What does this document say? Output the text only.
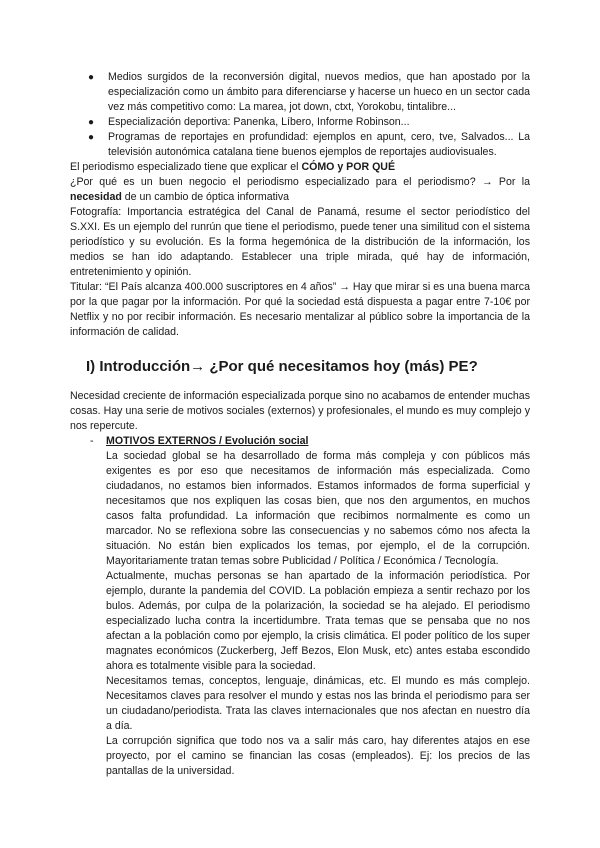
● Medios surgidos de la reconversión digital, nuevos medios, que han apostado por la especialización como un ámbito para diferenciarse y hacerse un hueco en un sector cada vez más competitivo como: La marea, jot down, ctxt, Yorokobu, tintalibre...
● Especialización deportiva: Panenka, Líbero, Informe Robinson...
● Programas de reportajes en profundidad: ejemplos en apunt, cero, tve, Salvados... La televisión autonómica catalana tiene buenos ejemplos de reportajes audiovisuales.

El periodismo especializado tiene que explicar el CÓMO y POR QUÉ

¿Por qué es un buen negocio el periodismo especializado para el periodismo? → Por la necesidad de un cambio de óptica informativa

Fotografía: Importancia estratégica del Canal de Panamá, resume el sector periodístico del S.XXI. Es un ejemplo del runrún que tiene el periodismo, puede tener una similitud con el sistema periodístico y su evolución. Es la forma hegemónica de la distribución de la información, los medios se han ido adaptando. Establecer una triple mirada, qué hay de información, entretenimiento y opinión.

Titular: “El País alcanza 400.000 suscriptores en 4 años” → Hay que mirar si es una buena marca por la que pagar por la información. Por qué la sociedad está dispuesta a pagar entre 7-10€ por Netflix y no por recibir información. Es necesario mentalizar al público sobre la importancia de la información de calidad.

I) Introducción→ ¿Por qué necesitamos hoy (más) PE?

Necesidad creciente de información especializada porque sino no acabamos de entender muchas cosas. Hay una serie de motivos sociales (externos) y profesionales, el mundo es muy complejo y nos repercute.

- MOTIVOS EXTERNOS / Evolución social
La sociedad global se ha desarrollado de forma más compleja y con públicos más exigentes es por eso que necesitamos de información más especializada. Como ciudadanos, no estamos bien informados. Estamos informados de forma superficial y necesitamos que nos expliquen las cosas bien, que nos den argumentos, en muchos casos falta profundidad. La información que recibimos normalmente es como un marcador. No se reflexiona sobre las consecuencias y no sabemos cómo nos afecta la situación. No están bien explicados los temas, por ejemplo, el de la corrupción. Mayoritariamente tratan temas sobre Publicidad / Política / Económica / Tecnología.
Actualmente, muchas personas se han apartado de la información periodística. Por ejemplo, durante la pandemia del COVID. La población empieza a sentir rechazo por los bulos. Además, por culpa de la polarización, la sociedad se ha alejado. El periodismo especializado lucha contra la incertidumbre. Trata temas que se pensaba que no nos afectan a la población como por ejemplo, la crisis climática. El poder político de los super magnates económicos (Zuckerberg, Jeff Bezos, Elon Musk, etc) antes estaba escondido ahora es totalmente visible para la sociedad.
Necesitamos temas, conceptos, lenguaje, dinámicas, etc. El mundo es más complejo. Necesitamos claves para resolver el mundo y estas nos las brinda el periodismo para ser un ciudadano/periodista. Trata las claves internacionales que nos afectan en nuestro día a día.
La corrupción significa que todo nos va a salir más caro, hay diferentes atajos en ese proyecto, por el camino se financian las cosas (empleados). Ej: los precios de las pantallas de la universidad.
